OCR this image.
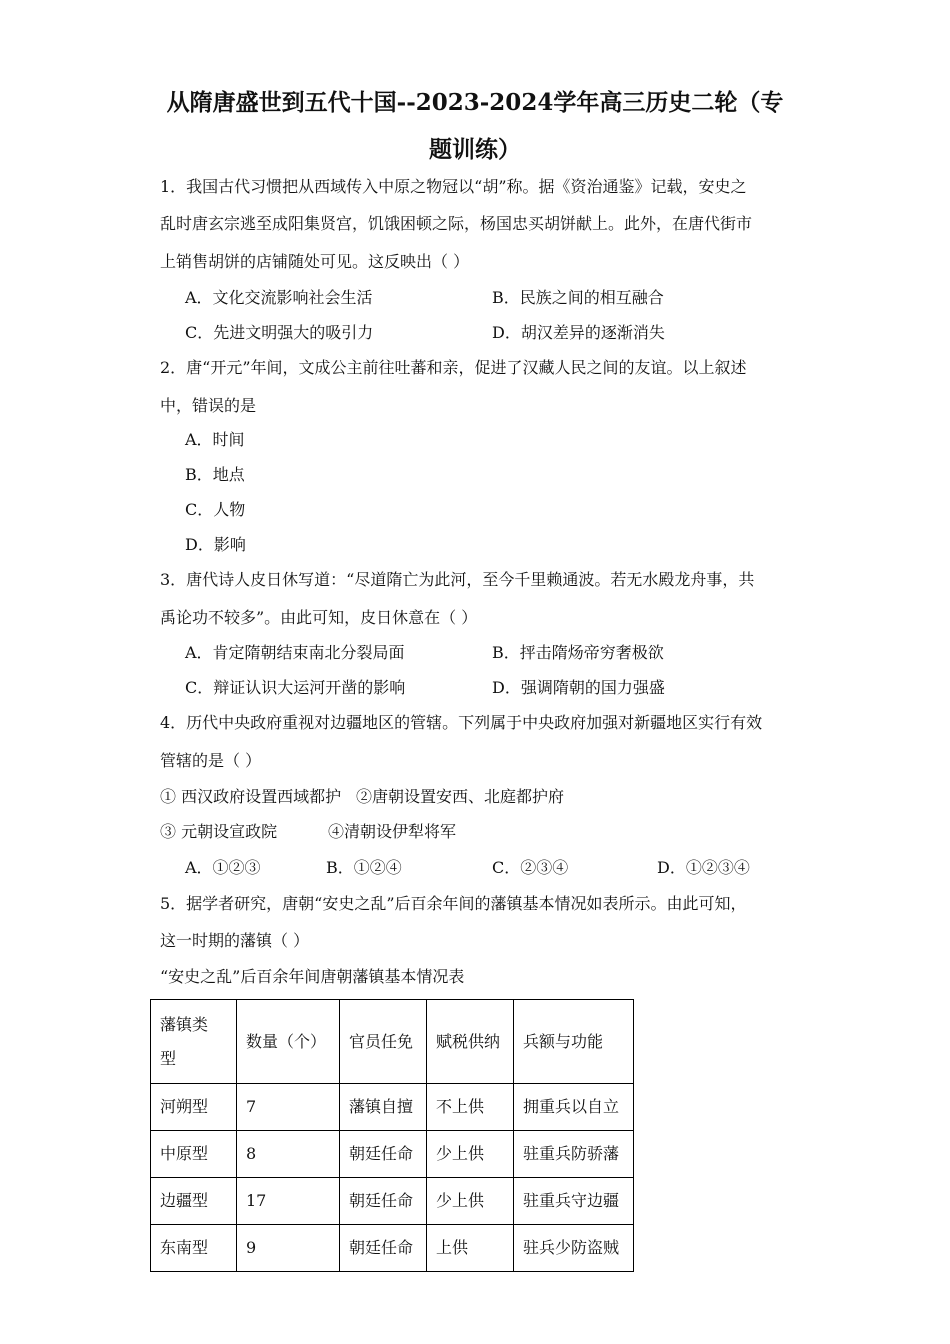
从隋唐盛世到五代十国--2023-2024学年高三历史二轮（专
题训练）
1．我国古代习惯把从西域传入中原之物冠以“胡”称。据《资治通鉴》记载，安史之
乱时唐玄宗逃至成阳集贤宫，饥饿困顿之际，杨国忠买胡饼献上。此外，在唐代街市
上销售胡饼的店铺随处可见。这反映出（ ）
A．文化交流影响社会生活	B．民族之间的相互融合
C．先进文明强大的吸引力	D．胡汉差异的逐渐消失
2．唐“开元”年间，文成公主前往吐蕃和亲，促进了汉藏人民之间的友谊。以上叙述
中，错误的是
A．时间
B．地点
C．人物
D．影响
3．唐代诗人皮日休写道：“尽道隋亡为此河，至今千里赖通波。若无水殿龙舟事，共
禹论功不较多”。由此可知，皮日休意在（ ）
A．肯定隋朝结束南北分裂局面	B．抨击隋炀帝穷奢极欲
C．辩证认识大运河开凿的影响	D．强调隋朝的国力强盛
4．历代中央政府重视对边疆地区的管辖。下列属于中央政府加强对新疆地区实行有效
管辖的是（ ）
① 西汉政府设置西域都护 ②唐朝设置安西、北庭都护府
③ 元朝设宣政院	④清朝设伊犁将军
A．①②③	B．①②④	C．②③④	D．①②③④
5．据学者研究，唐朝“安史之乱”后百余年间的藩镇基本情况如表所示。由此可知，
这一时期的藩镇（ ）
“安史之乱”后百余年间唐朝藩镇基本情况表
藩镇类
型	数量（个）	官员任免	赋税供纳	兵额与功能
河朔型	7	藩镇自擅	不上供	拥重兵以自立
中原型	8	朝廷任命	少上供	驻重兵防骄藩
边疆型	17	朝廷任命	少上供	驻重兵守边疆
东南型	9	朝廷任命	上供	驻兵少防盗贼
